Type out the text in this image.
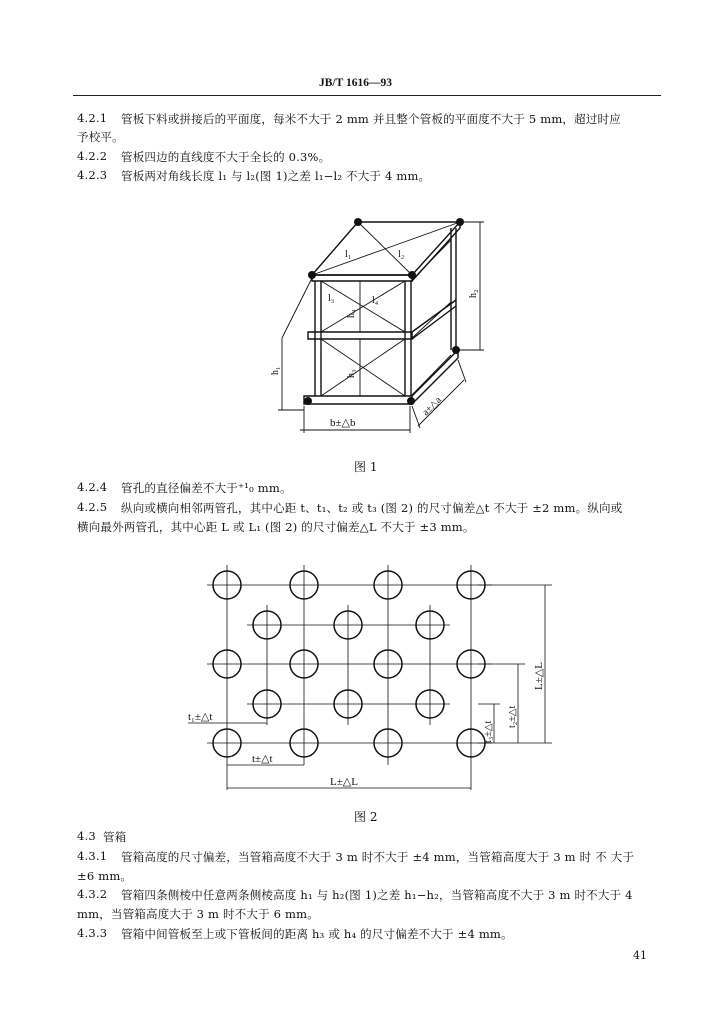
JB/T 1616—93
4.2.1 管板下料或拼接后的平面度，每米不大于 2 mm 并且整个管板的平面度不大于 5 mm，超过时应
予校平。
4.2.2 管板四边的直线度不大于全长的 0.3%。
4.2.3 管板两对角线长度 l₁ 与 l₂(图 1)之差 l₁−l₂ 不大于 4 mm。
l₁	l₂
l₃	l₄
h₄
h₃
h₁
h₂
b±△b
a±△a
图 1
4.2.4 管孔的直径偏差不大于⁺¹₀ mm。
4.2.5 纵向或横向相邻两管孔，其中心距 t、t₁、t₂ 或 t₃ (图 2) 的尺寸偏差△t 不大于 ±2 mm。纵向或
横向最外两管孔，其中心距 L 或 L₁ (图 2) 的尺寸偏差△L 不大于 ±3 mm。
t₁±△t
t±△t
L±△L
L±△L
t₂±△t
t₃±△t
图 2
4.3 管箱
4.3.1 管箱高度的尺寸偏差，当管箱高度不大于 3 m 时不大于 ±4 mm，当管箱高度大于 3 m 时 不 大于
±6 mm。
4.3.2 管箱四条侧棱中任意两条侧棱高度 h₁ 与 h₂(图 1)之差 h₁−h₂，当管箱高度不大于 3 m 时不大于 4
mm，当管箱高度大于 3 m 时不大于 6 mm。
4.3.3 管箱中间管板至上或下管板间的距离 h₃ 或 h₄ 的尺寸偏差不大于 ±4 mm。
41
